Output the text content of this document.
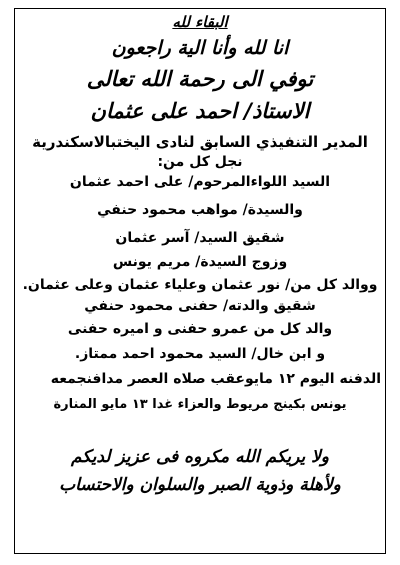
البقاء لله
انا لله وأنا الية راجعون
توفي الى رحمة الله تعالى
الاستاذ/ احمد على عثمان
المدير التنفيذي السابق لنادى اليختبالاسكندرية
نجل كل من:
السيد اللواءالمرحوم/ على احمد عثمان
والسيدة/ مواهب محمود حنفي
شقيق السيد/ آسر عثمان
وزوج السيدة/ مريم يونس
ووالد كل من/ نور عثمان وعلياء عثمان وعلى عثمان.
شقيق والدته/ حفنى محمود حنفي
والد كل من عمرو حفنى و اميره حفنى
و ابن خال/ السيد محمود احمد ممتاز.
الدفنه اليوم ١٢ مايوعقب صلاه العصر مدافنجمعه
يونس بكينج مريوط والعزاء غدا ١٣ مايو المنارة
ولا يريكم الله مكروه فى عزيز لديكم
ولأهلة وذوية الصبر والسلوان والاحتساب
